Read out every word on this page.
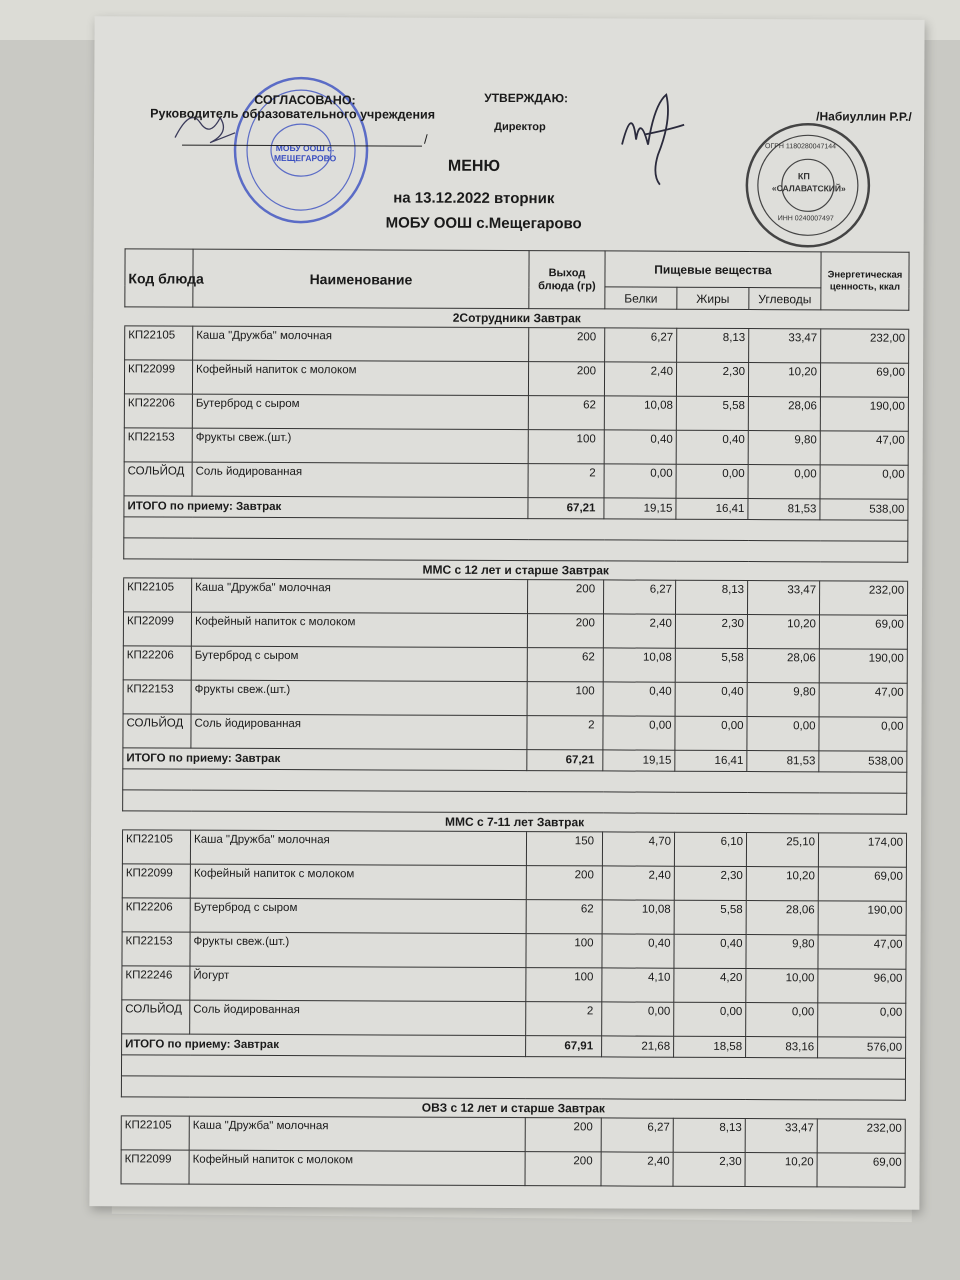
МОБУ ООШ с. МЕЩЕГАРОВО
СОГЛАСОВАНО:
Руководитель образовательного учреждения
/
УТВЕРЖДАЮ:
Директор
/Набиуллин Р.Р./
КП
«САЛАВАТСКИЙ»
ОГРН 1180280047144
ИНН 0240007497
МЕНЮ
на 13.12.2022 вторник
МОБУ ООШ с.Мещегарово
Код блюда	Наименование	Выход блюда (гр)	Пищевые вещества			Энергетическая ценность, ккал
			Белки	Жиры	Углеводы	
2Сотрудники Завтрак						
КП22105	Каша "Дружба" молочная	200	6,27	8,13	33,47	232,00
КП22099	Кофейный напиток с молоком	200	2,40	2,30	10,20	69,00
КП22206	Бутерброд с сыром	62	10,08	5,58	28,06	190,00
КП22153	Фрукты свеж.(шт.)	100	0,40	0,40	9,80	47,00
СОЛЬЙОД	Соль йодированная	2	0,00	0,00	0,00	0,00
ИТОГО по приему: Завтрак		67,21	19,15	16,41	81,53	538,00

ММС с 12 лет и старше Завтрак						
КП22105	Каша "Дружба" молочная	200	6,27	8,13	33,47	232,00
КП22099	Кофейный напиток с молоком	200	2,40	2,30	10,20	69,00
КП22206	Бутерброд с сыром	62	10,08	5,58	28,06	190,00
КП22153	Фрукты свеж.(шт.)	100	0,40	0,40	9,80	47,00
СОЛЬЙОД	Соль йодированная	2	0,00	0,00	0,00	0,00
ИТОГО по приему: Завтрак		67,21	19,15	16,41	81,53	538,00

ММС с 7-11 лет Завтрак						
КП22105	Каша "Дружба" молочная	150	4,70	6,10	25,10	174,00
КП22099	Кофейный напиток с молоком	200	2,40	2,30	10,20	69,00
КП22206	Бутерброд с сыром	62	10,08	5,58	28,06	190,00
КП22153	Фрукты свеж.(шт.)	100	0,40	0,40	9,80	47,00
КП22246	Йогурт	100	4,10	4,20	10,00	96,00
СОЛЬЙОД	Соль йодированная	2	0,00	0,00	0,00	0,00
ИТОГО по приему: Завтрак		67,91	21,68	18,58	83,16	576,00

ОВЗ с 12 лет и старше Завтрак						
КП22105	Каша "Дружба" молочная	200	6,27	8,13	33,47	232,00
КП22099	Кофейный напиток с молоком	200	2,40	2,30	10,20	69,00
